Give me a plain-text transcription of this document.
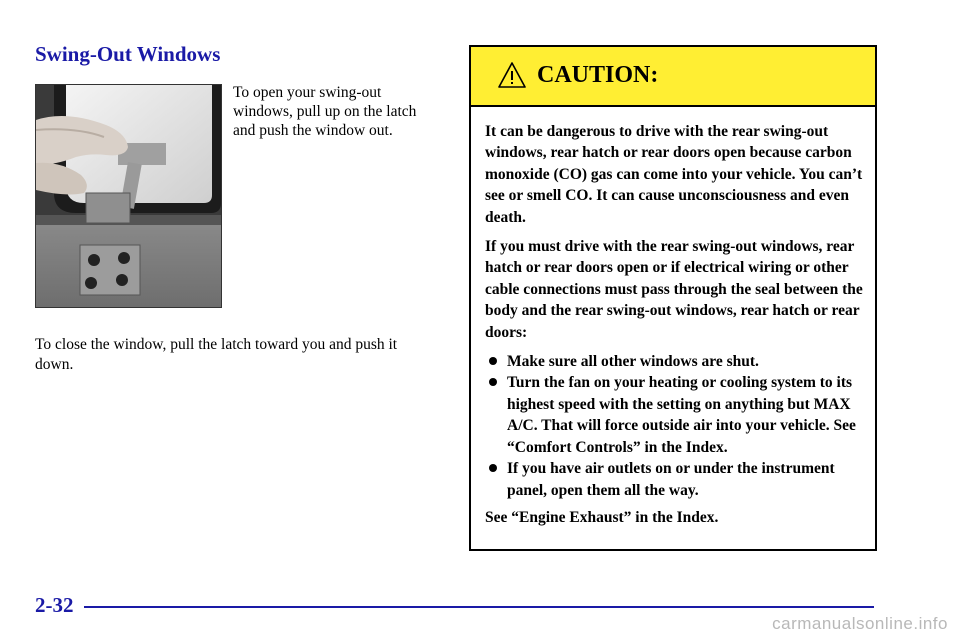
Swing-Out Windows

To open your swing-out windows, pull up on the latch and push the window out.

To close the window, pull the latch toward you and push it down.

CAUTION:

It can be dangerous to drive with the rear swing-out windows, rear hatch or rear doors open because carbon monoxide (CO) gas can come into your vehicle. You can’t see or smell CO. It can cause unconsciousness and even death.

If you must drive with the rear swing-out windows, rear hatch or rear doors open or if electrical wiring or other cable connections must pass through the seal between the body and the rear swing-out windows, rear hatch or rear doors:

Make sure all other windows are shut.
Turn the fan on your heating or cooling system to its highest speed with the setting on anything but MAX A/C. That will force outside air into your vehicle. See “Comfort Controls” in the Index.
If you have air outlets on or under the instrument panel, open them all the way.

See “Engine Exhaust” in the Index.

2-32
carmanualsonline.info
